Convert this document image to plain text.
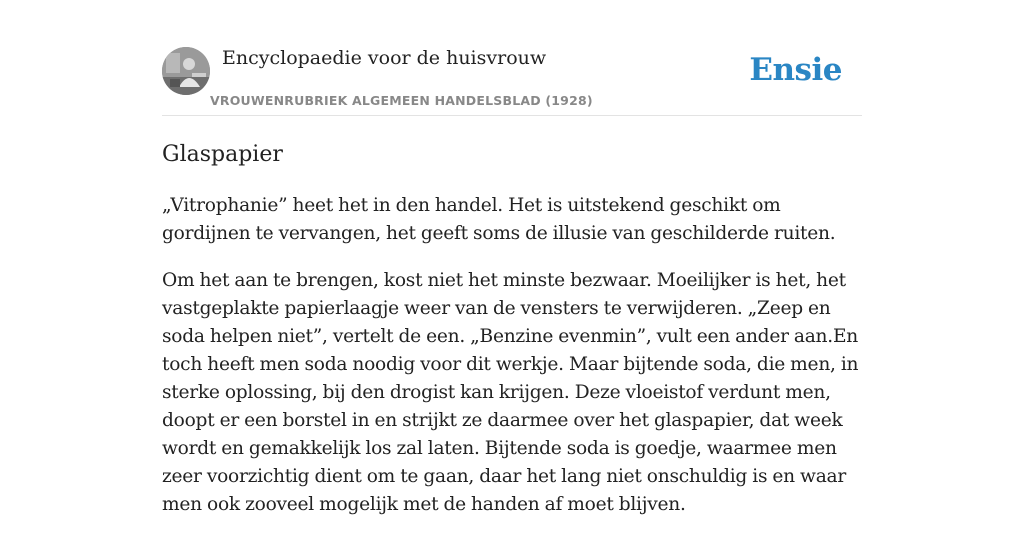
Encyclopaedie voor de huisvrouw
VROUWENRUBRIEK ALGEMEEN HANDELSBLAD (1928)
Ensie
Glaspapier

„Vitrophanie” heet het in den handel. Het is uitstekend geschikt om gordijnen te vervangen, het geeft soms de illusie van geschilderde ruiten.

Om het aan te brengen, kost niet het minste bezwaar. Moeilijker is het, het vastgeplakte papierlaagje weer van de vensters te verwijderen. „Zeep en soda helpen niet”, vertelt de een. „Benzine evenmin”, vult een ander aan.En toch heeft men soda noodig voor dit werkje. Maar bijtende soda, die men, in sterke oplossing, bij den drogist kan krijgen. Deze vloeistof verdunt men, doopt er een borstel in en strijkt ze daarmee over het glaspapier, dat week wordt en gemakkelijk los zal laten. Bijtende soda is goedje, waarmee men zeer voorzichtig dient om te gaan, daar het lang niet onschuldig is en waar men ook zooveel mogelijk met de handen af moet blijven.
